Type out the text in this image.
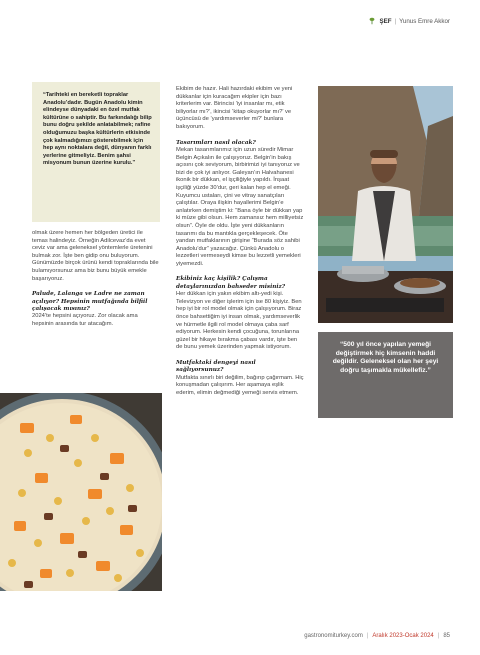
ŞEF | Yunus Emre Akkor
“Tarihteki en bereketli topraklar Anadolu’dadır. Bugün Anadolu kimin elindeyse dünyadaki en özel mutfak kültürüne o sahiptir. Bu farkındalığı bilip bunu doğru şekilde anlatabilmek; rafine olduğumuzu başka kültürlerin etkisinde çok kalmadığımızı gösterebilmek için hep aynı noktalara değil, dünyanın farklı yerlerine gitmeliyiz. Benim şahsi misyonum bunun üzerine kurulu.”

olmak üzere hemen her bölgeden üretici ile temas halindeyiz. Örneğin Adilcevaz’da evet ceviz var ama geleneksel yöntemlerle üretenini bulmak zor. İşte ben gidip onu buluyorum. Günümüzde birçok ürünü kendi topraklarında bile bulamıyorsunuz ama biz bunu büyük emekle başarıyoruz.

Palude, Lalanga ve Ladre ne zaman açılıyor? Hepsinin mutfağında bilfiil çalışacak mısınız?

2024’te hepsini açıyoruz. Zor olacak ama hepsinin arasında tur atacağım.

Ekibim de hazır. Hali hazırdaki ekibim ve yeni dükkanlar için kuracağım ekipler için bazı kriterlerim var. Birincisi ‘iyi insanlar mı, etik biliyorlar mı?’, ikincisi ‘kitap okuyorlar mı?’ ve üçüncüsü de ‘yardımseverler mi?’ bunlara bakıyorum.

Tasarımları nasıl olacak?

Mekan tasarımlarımız için uzun süredir Mimar Belgin Açıkalın ile çalışıyoruz. Belgin’in bakış açısını çok seviyorum, birbirimizi iyi tanıyoruz ve bizi de çok iyi anlıyor. Galeyan’ın Halvahanesi ikonik bir dükkan, el işçiliğiyle yapıldı. İnşaat işçiliği yüzde 30’dur, geri kalan hep el emeği. Kuyumcu ustaları, çini ve vitray sanatçıları çalıştılar. Oraya ilişkin hayallerimi Belgin’e anlatırken demiştim ki: “Bana öyle bir dükkan yap ki müze gibi olsun. Hem zamansız hem milliyetsiz olsun”. Öyle de oldu. İşte yeni dükkanların tasarımı da bu mantıkla gerçekleşecek. Öte yandan mutfaklarının girişine “Burada söz sahibi Anadolu’dur” yazacağız. Çünkü Anadolu o lezzetleri vermeseydi kimse bu lezzetli yemekleri yiyemezdi.

Ekibiniz kaç kişilik? Çalışma detaylarınızdan bahseder misiniz?

Her dükkan için yakın ekibim altı-yedi kişi. Televizyon ve diğer işlerim için ise 80 kişiyiz. Ben hep iyi bir rol model olmak için çalışıyorum. Biraz önce bahsettiğim iyi insan olmak, yardımseverlik ve hürmetle ilgili rol model olmaya çaba sarf ediyorum. Herkesin kendi çocuğuna, torunlarına güzel bir hikaye bırakma çabası vardır, işte ben de bunu yemek üzerinden yapmak istiyorum.

Mutfaktaki dengeyi nasıl sağlıyorsunuz?

Mutfakta sınırlı biri değilim, bağırıp çağırmam. Hiç konuşmadan çalışırım. Her aşamaya eşlik ederim, elimin değmediği yemeği servis etmem.

“500 yıl önce yapılan yemeği değiştirmek hiç kimsenin haddi değildir. Geleneksel olan her şeyi doğru taşımakla mükellefiz.”
gastronomiturkey.com | Aralık 2023-Ocak 2024 | 85
